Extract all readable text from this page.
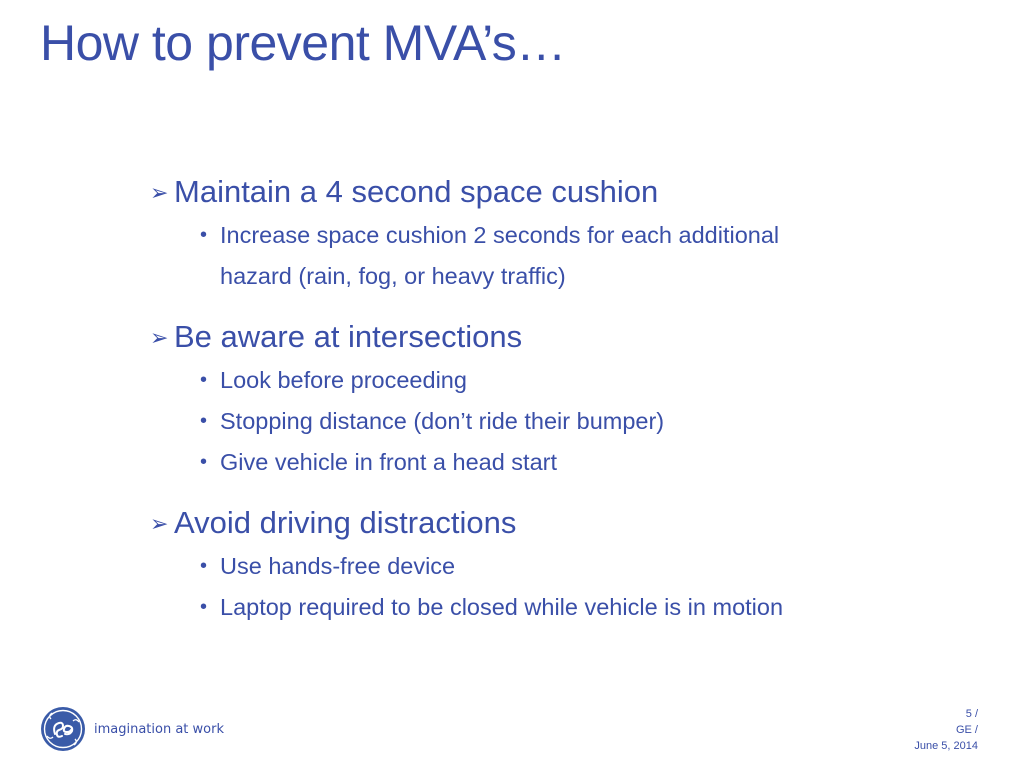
How to prevent MVA’s…
➢ Maintain a 4 second space cushion
• Increase space cushion 2 seconds for each additional hazard (rain, fog, or heavy traffic)
➢ Be aware at intersections
• Look before proceeding
• Stopping distance (don’t ride their bumper)
• Give vehicle in front a head start
➢ Avoid driving distractions
• Use hands-free device
• Laptop required to be closed while vehicle is in motion
imagination at work
5 /
GE /
June 5, 2014
